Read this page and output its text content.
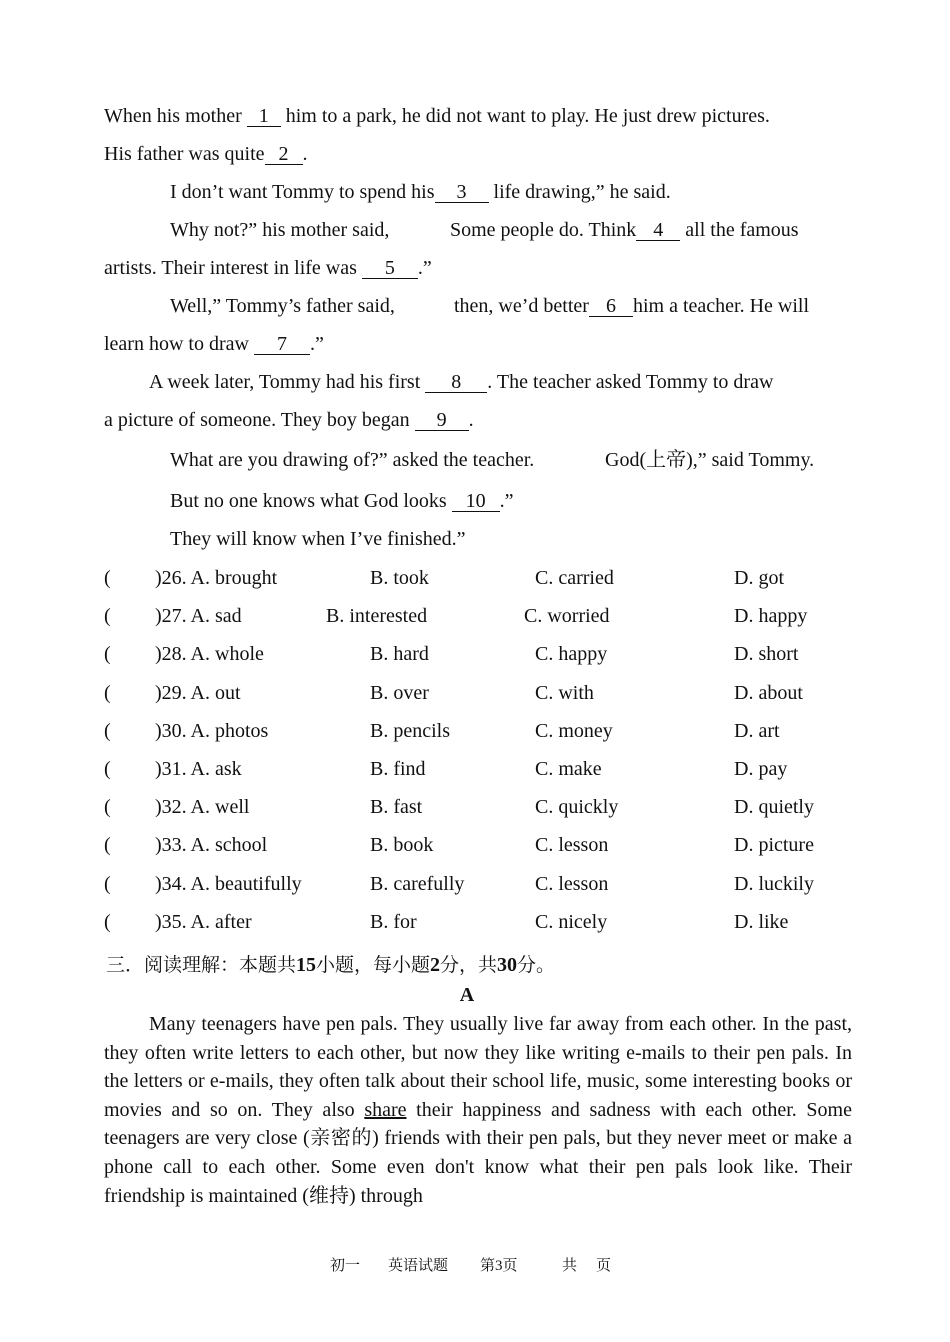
When his mother 1 him to a park, he did not want to play. He just drew pictures.
His father was quite 2 .
I don’t want Tommy to spend his 3 life drawing,” he said.
Why not?” his mother said,	Some people do. Think 4 all the famous
artists. Their interest in life was 5 .”
Well,” Tommy’s father said,	then, we’d better 6 him a teacher. He will
learn how to draw 7 .”
A week later, Tommy had his first 8 . The teacher asked Tommy to draw
a picture of someone. They boy began 9 .
What are you drawing of?” asked the teacher.	God(上帝),” said Tommy.
But no one knows what God looks 10 .”
They will know when I’ve finished.”
( )26. A. brought	B. took	C. carried	D. got
( )27. A. sad	B. interested	C. worried	D. happy
( )28. A. whole	B. hard	C. happy	D. short
( )29. A. out	B. over	C. with	D. about
( )30. A. photos	B. pencils	C. money	D. art
( )31. A. ask	B. find	C. make	D. pay
( )32. A. well	B. fast	C. quickly	D. quietly
( )33. A. school	B. book	C. lesson	D. picture
( )34. A. beautifully	B. carefully	C. lesson	D. luckily
( )35. A. after	B. for	C. nicely	D. like
三．阅读理解：本题共15小题，每小题2分，共30分。
A
Many teenagers have pen pals. They usually live far away from each other. In the past, they often write letters to each other, but now they like writing e-mails to their pen pals. In the letters or e-mails, they often talk about their school life, music, some interesting books or movies and so on. They also share their happiness and sadness with each other. Some teenagers are very close (亲密的) friends with their pen pals, but they never meet or make a phone call to each other. Some even don't know what their pen pals look like. Their friendship is maintained (维持) through
初一 英语试题 第3页	共 页
